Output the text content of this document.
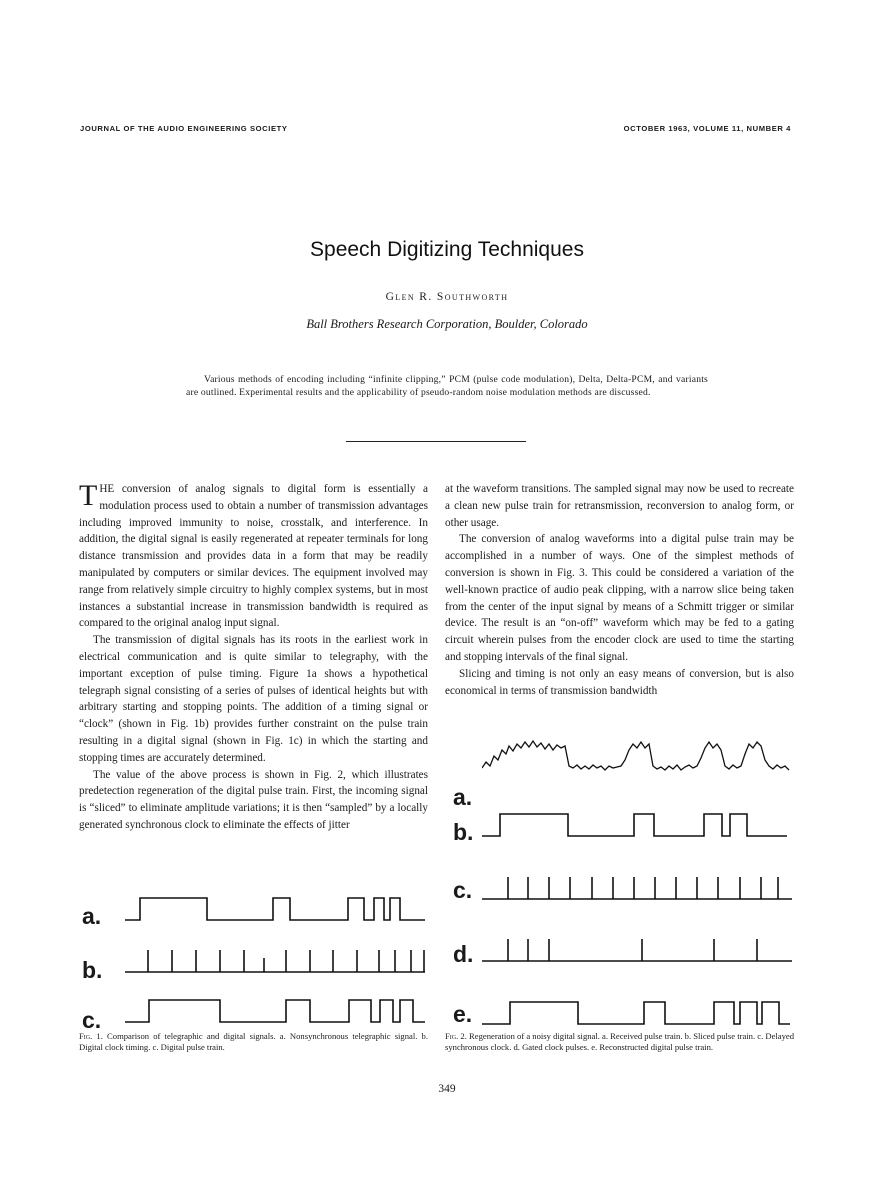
JOURNAL OF THE AUDIO ENGINEERING SOCIETY	OCTOBER 1963, VOLUME 11, NUMBER 4
Speech Digitizing Techniques
Glen R. Southworth
Ball Brothers Research Corporation, Boulder, Colorado
Various methods of encoding including “infinite clipping,” PCM (pulse code modulation), Delta, Delta-PCM, and variants are outlined. Experimental results and the applicability of pseudo-random noise modulation methods are discussed.

THE conversion of analog signals to digital form is essentially a modulation process used to obtain a number of transmission advantages including improved immunity to noise, crosstalk, and interference. In addition, the digital signal is easily regenerated at repeater terminals for long distance transmission and provides data in a form that may be readily manipulated by computers or similar devices. The equipment involved may range from relatively simple circuitry to highly complex systems, but in most instances a substantial increase in transmission bandwidth is required as compared to the original analog input signal.

The transmission of digital signals has its roots in the earliest work in electrical communication and is quite similar to telegraphy, with the important exception of pulse timing. Figure 1a shows a hypothetical telegraph signal consisting of a series of pulses of identical heights but with arbitrary starting and stopping points. The addition of a timing signal or “clock” (shown in Fig. 1b) provides further constraint on the pulse train resulting in a digital signal (shown in Fig. 1c) in which the starting and stopping times are accurately determined.

The value of the above process is shown in Fig. 2, which illustrates predetection regeneration of the digital pulse train. First, the incoming signal is “sliced” to eliminate amplitude variations; it is then “sampled” by a locally generated synchronous clock to eliminate the effects of jitter

at the waveform transitions. The sampled signal may now be used to recreate a clean new pulse train for retransmission, reconversion to analog form, or other usage.

The conversion of analog waveforms into a digital pulse train may be accomplished in a number of ways. One of the simplest methods of conversion is shown in Fig. 3. This could be considered a variation of the well-known practice of audio peak clipping, with a narrow slice being taken from the center of the input signal by means of a Schmitt trigger or similar device. The result is an “on-off” waveform which may be fed to a gating circuit wherein pulses from the encoder clock are used to time the starting and stopping intervals of the final signal.

Slicing and timing is not only an easy means of conversion, but is also economical in terms of transmission bandwidth

a.
b.
c.
a.
b.
c.
d.
e.
Fig. 1. Comparison of telegraphic and digital signals. a. Nonsynchronous telegraphic signal. b. Digital clock timing. c. Digital pulse train.
Fig. 2. Regeneration of a noisy digital signal. a. Received pulse train. b. Sliced pulse train. c. Delayed synchronous clock. d. Gated clock pulses. e. Reconstructed digital pulse train.
349
